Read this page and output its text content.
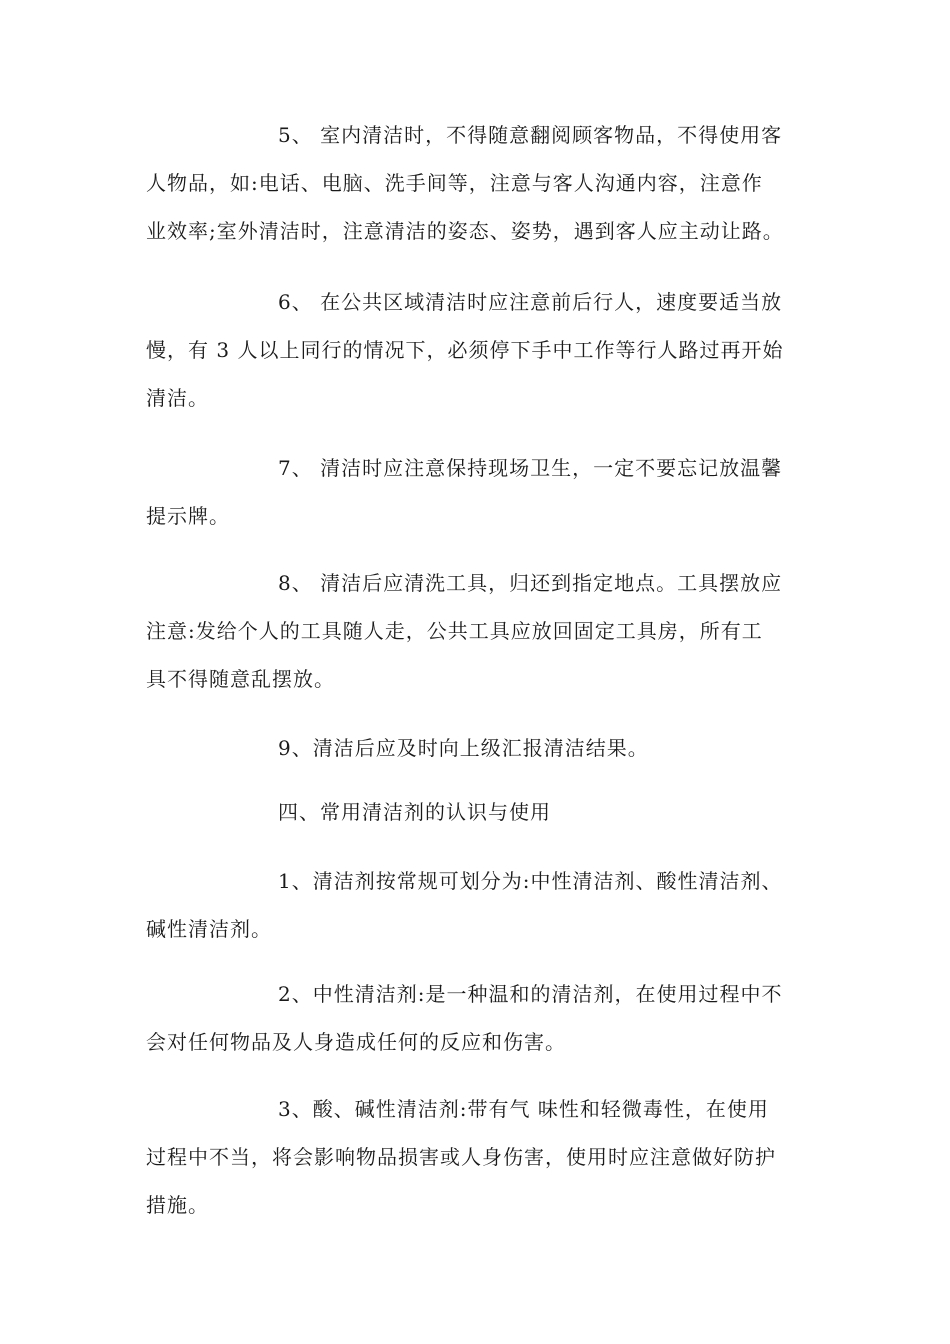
5、 室内清洁时，不得随意翻阅顾客物品，不得使用客
人物品，如:电话、电脑、洗手间等，注意与客人沟通内容，注意作
业效率;室外清洁时，注意清洁的姿态、姿势，遇到客人应主动让路。
6、 在公共区域清洁时应注意前后行人，速度要适当放
慢，有 3 人以上同行的情况下，必须停下手中工作等行人路过再开始
清洁。
7、 清洁时应注意保持现场卫生，一定不要忘记放温馨
提示牌。
8、 清洁后应清洗工具，归还到指定地点。工具摆放应
注意:发给个人的工具随人走，公共工具应放回固定工具房，所有工
具不得随意乱摆放。
9、清洁后应及时向上级汇报清洁结果。
四、常用清洁剂的认识与使用
1、清洁剂按常规可划分为:中性清洁剂、酸性清洁剂、
碱性清洁剂。
2、中性清洁剂:是一种温和的清洁剂，在使用过程中不
会对任何物品及人身造成任何的反应和伤害。
3、酸、碱性清洁剂:带有气 味性和轻微毒性，在使用
过程中不当，将会影响物品损害或人身伤害，使用时应注意做好防护
措施。
